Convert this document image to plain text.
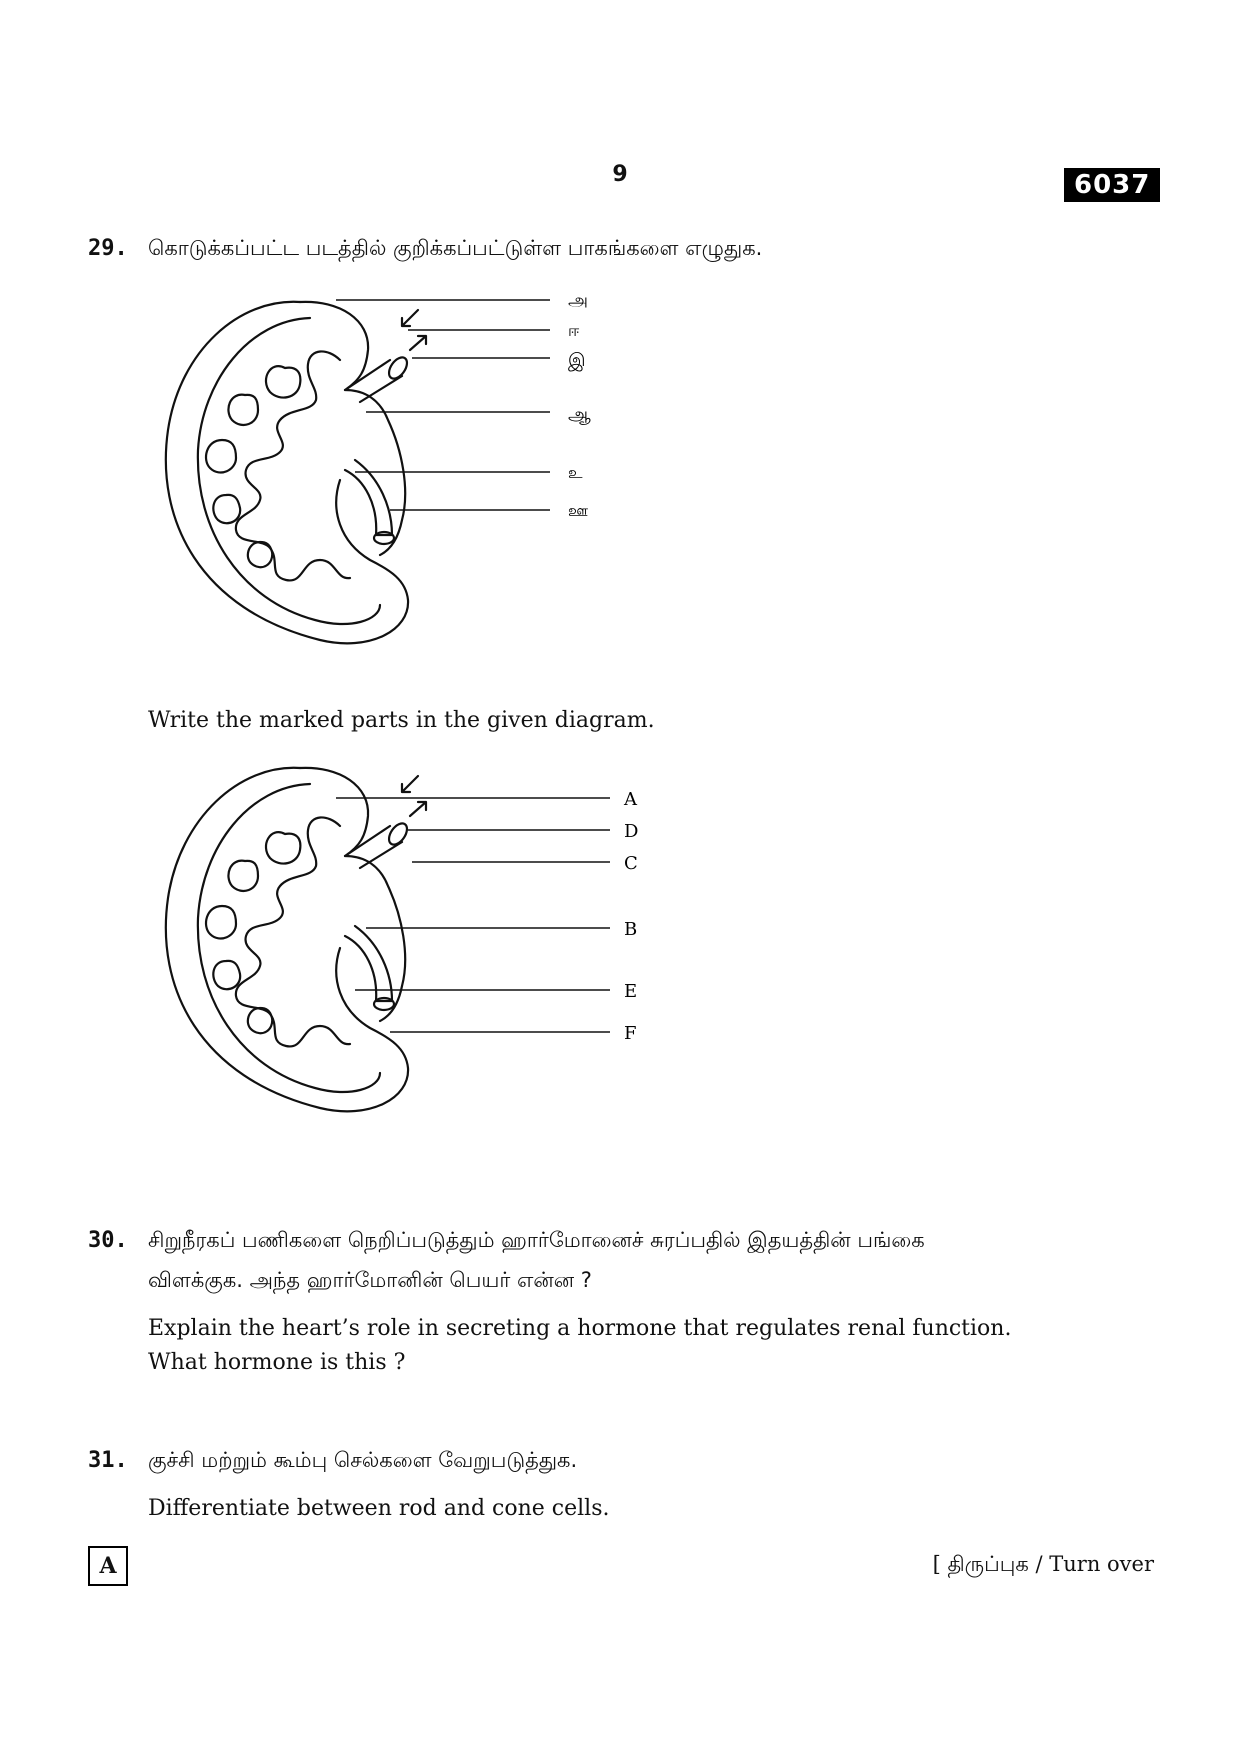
9	6037
29. கொடுக்கப்பட்ட படத்தில் குறிக்கப்பட்டுள்ள பாகங்களை எழுதுக.
அ
ஈ
இ
ஆ
உ
ஊ
Write the marked parts in the given diagram.
A
D
C
B
E
F
30. சிறுநீரகப் பணிகளை நெறிப்படுத்தும் ஹார்மோனைச் சுரப்பதில் இதயத்தின் பங்கை
விளக்குக. அந்த ஹார்மோனின் பெயர் என்ன ?
Explain the heart’s role in secreting a hormone that regulates renal function.
What hormone is this ?
31. குச்சி மற்றும் கூம்பு செல்களை வேறுபடுத்துக.
Differentiate between rod and cone cells.
A	[ திருப்புக / Turn over
